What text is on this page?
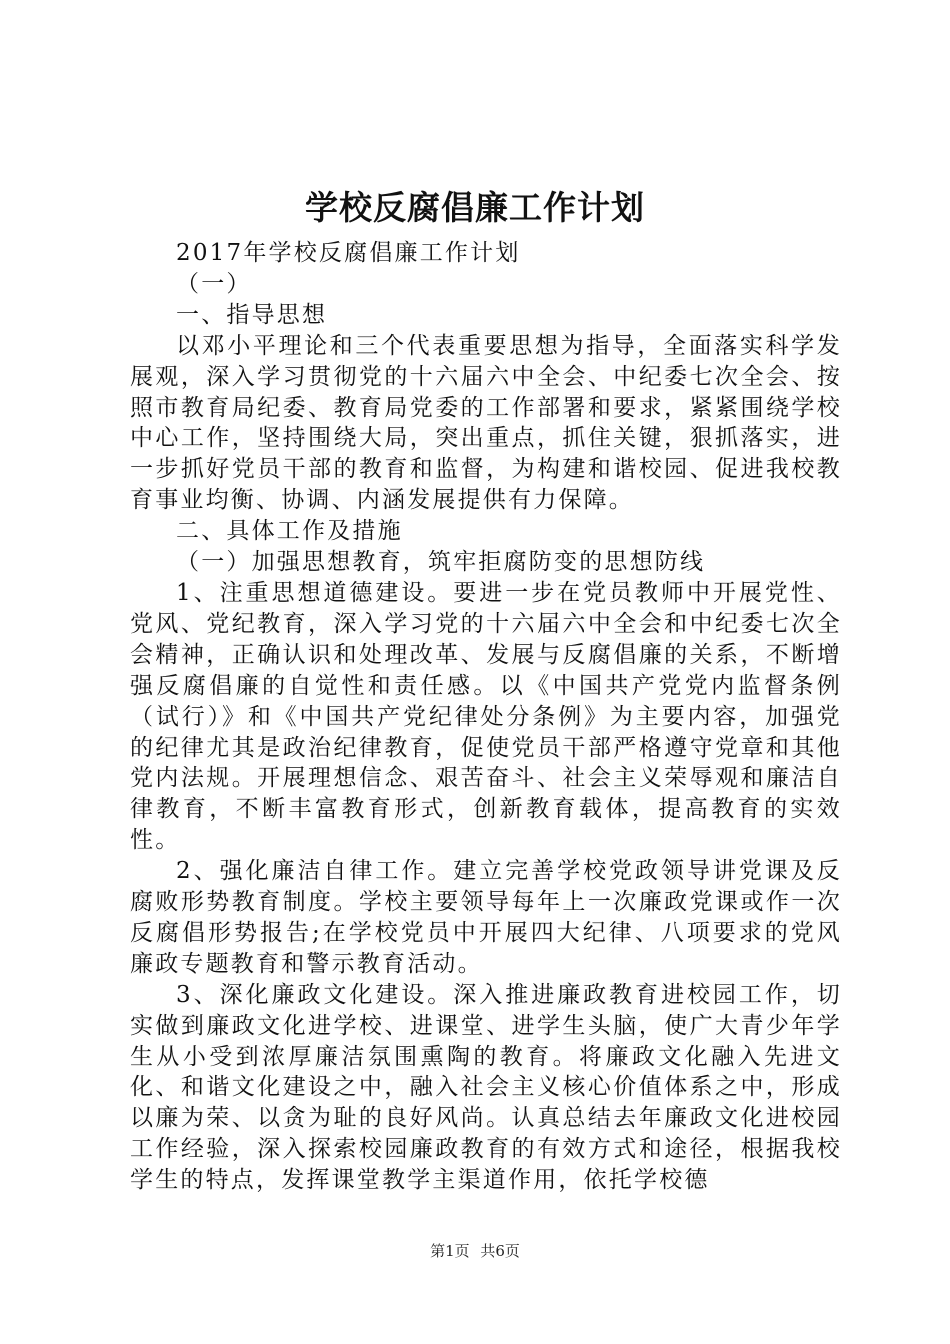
学校反腐倡廉工作计划

2017年学校反腐倡廉工作计划

（一）

一、指导思想

以邓小平理论和三个代表重要思想为指导，全面落实科学发展观，深入学习贯彻党的十六届六中全会、中纪委七次全会、按照市教育局纪委、教育局党委的工作部署和要求，紧紧围绕学校中心工作，坚持围绕大局，突出重点，抓住关键，狠抓落实，进一步抓好党员干部的教育和监督，为构建和谐校园、促进我校教育事业均衡、协调、内涵发展提供有力保障。

二、具体工作及措施

（一）加强思想教育，筑牢拒腐防变的思想防线

1、注重思想道德建设。要进一步在党员教师中开展党性、党风、党纪教育，深入学习党的十六届六中全会和中纪委七次全会精神，正确认识和处理改革、发展与反腐倡廉的关系，不断增强反腐倡廉的自觉性和责任感。以《中国共产党党内监督条例（试行）》和《中国共产党纪律处分条例》为主要内容，加强党的纪律尤其是政治纪律教育，促使党员干部严格遵守党章和其他党内法规。开展理想信念、艰苦奋斗、社会主义荣辱观和廉洁自律教育，不断丰富教育形式，创新教育载体，提高教育的实效性。

2、强化廉洁自律工作。建立完善学校党政领导讲党课及反腐败形势教育制度。学校主要领导每年上一次廉政党课或作一次反腐倡形势报告;在学校党员中开展四大纪律、八项要求的党风廉政专题教育和警示教育活动。

3、深化廉政文化建设。深入推进廉政教育进校园工作，切实做到廉政文化进学校、进课堂、进学生头脑，使广大青少年学生从小受到浓厚廉洁氛围熏陶的教育。将廉政文化融入先进文化、和谐文化建设之中，融入社会主义核心价值体系之中，形成以廉为荣、以贪为耻的良好风尚。认真总结去年廉政文化进校园工作经验，深入探索校园廉政教育的有效方式和途径，根据我校学生的特点，发挥课堂教学主渠道作用，依托学校德

第1页 共6页
